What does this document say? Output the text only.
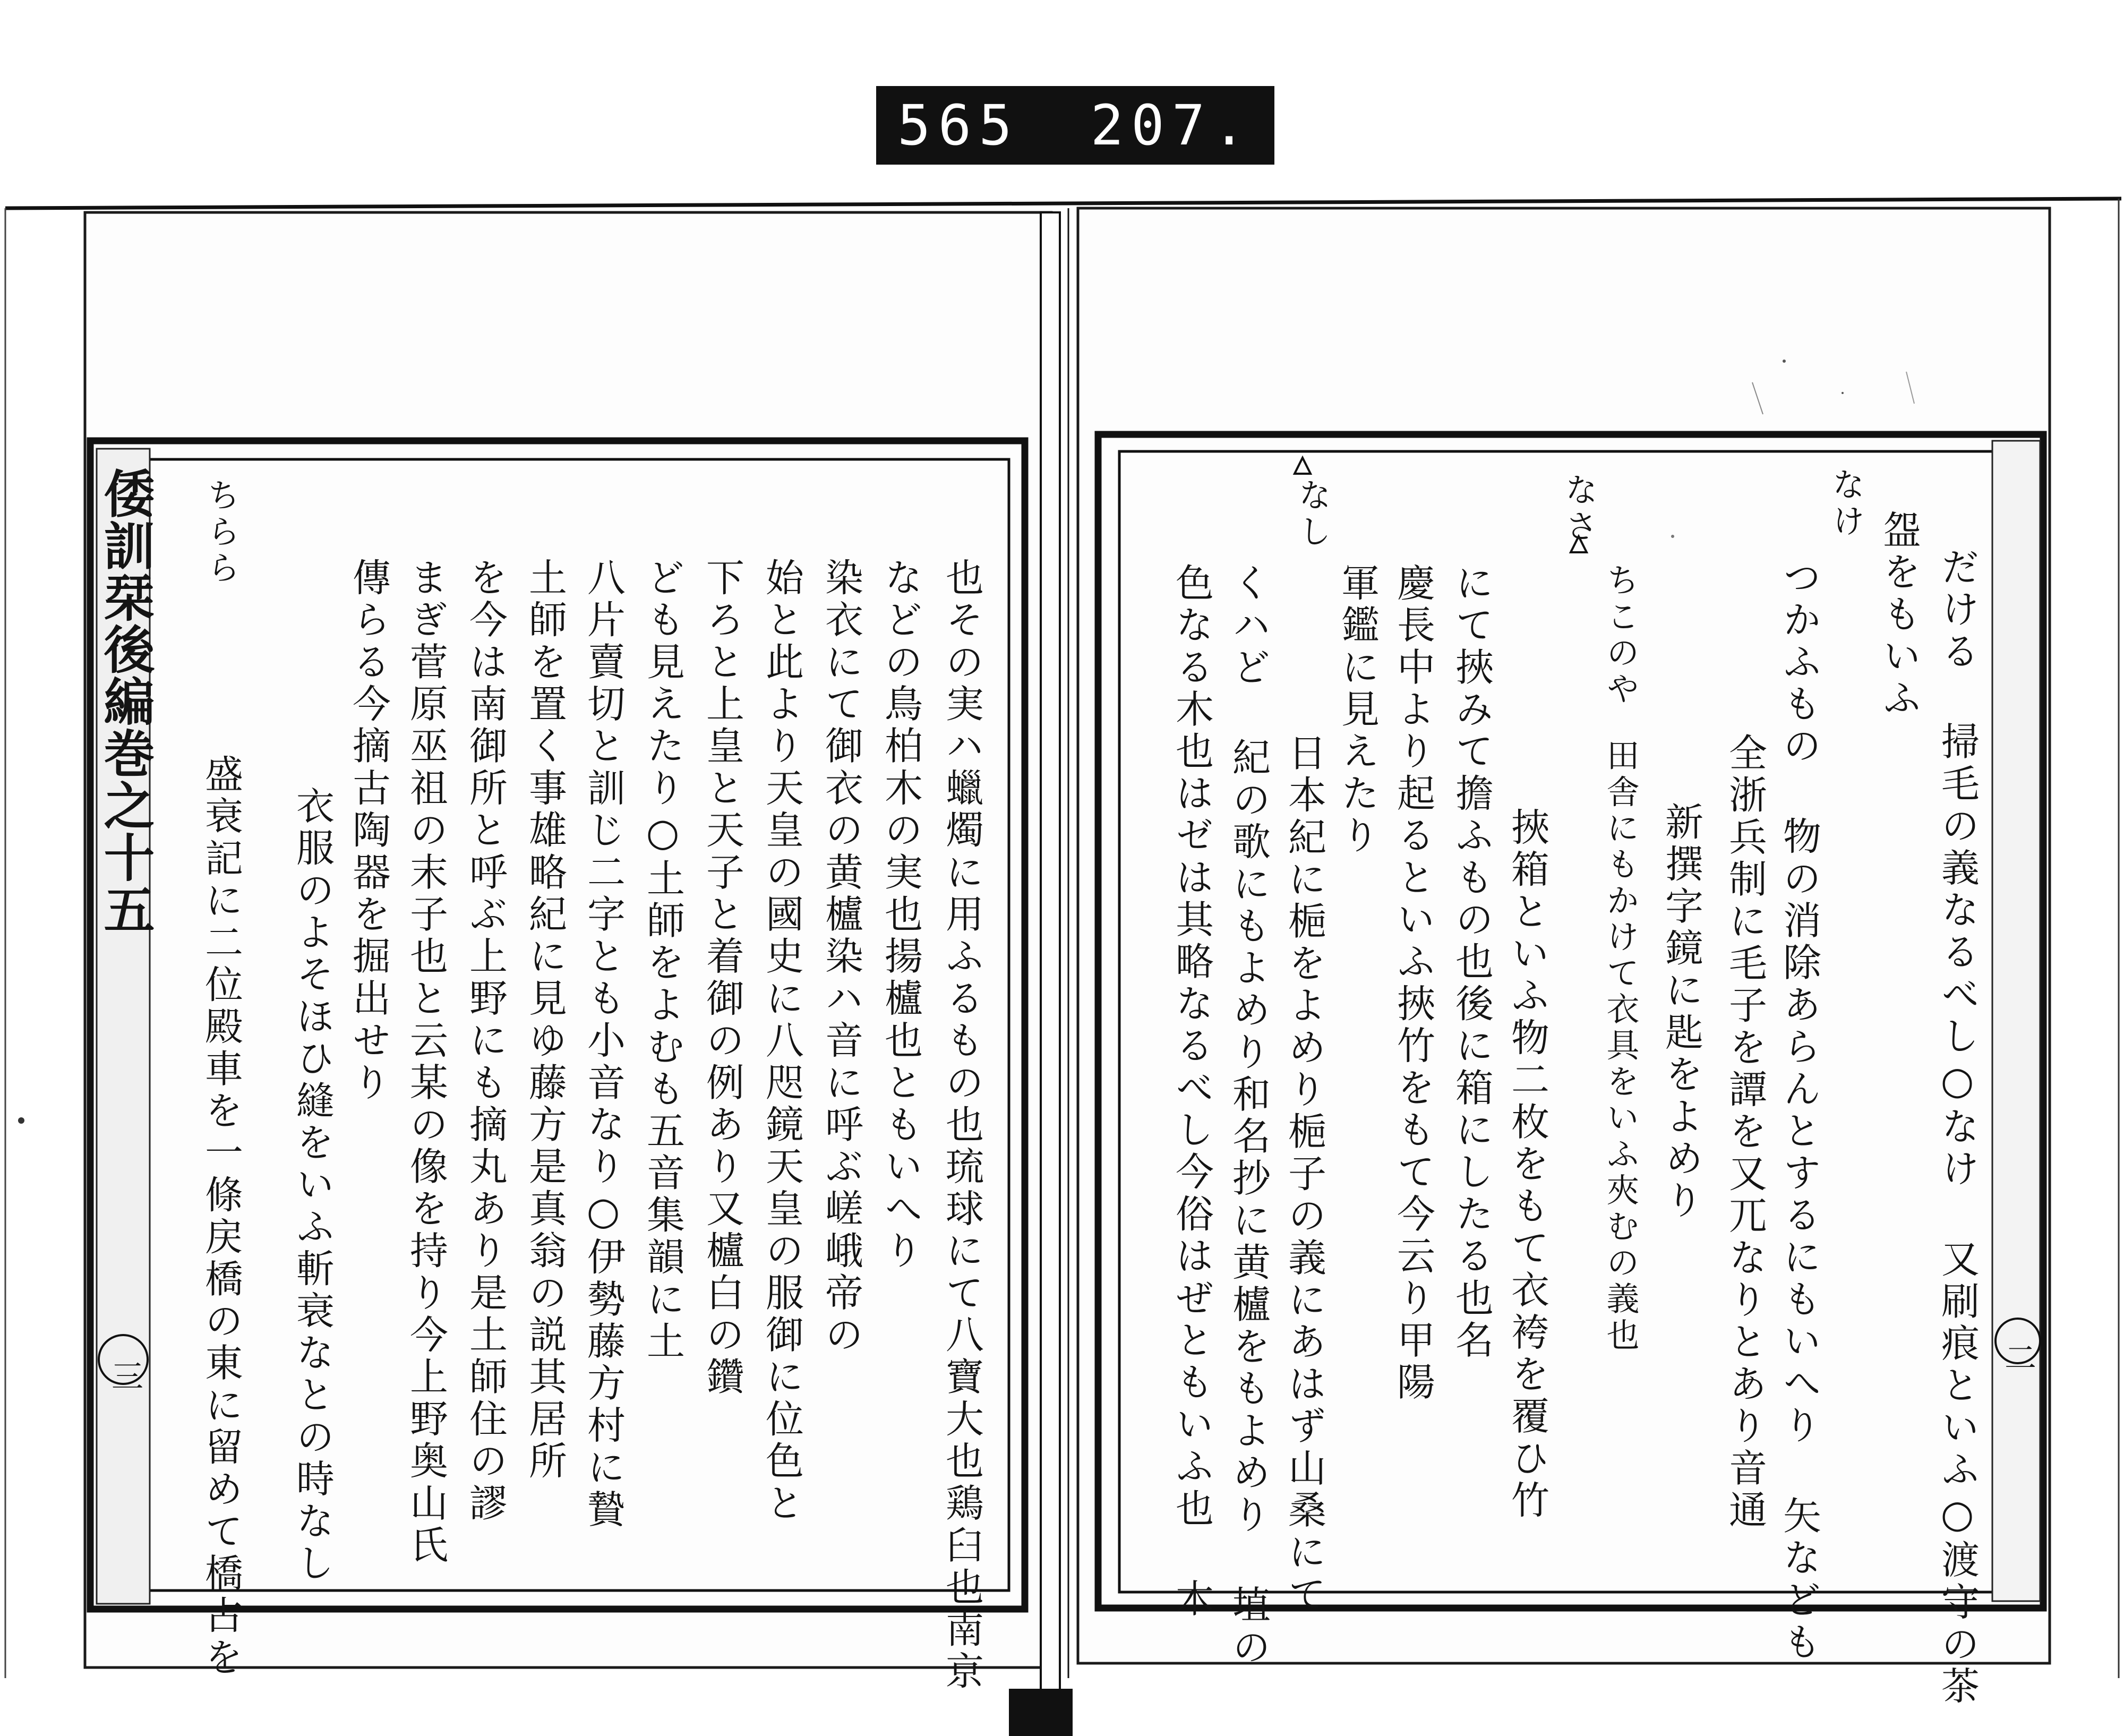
565 207.
倭訓栞後編巻之十五
三	也その実ハ蠟燭に用ふるもの也琉球にて八寶大也鶏臼也南京
などの鳥柏木の実也揚櫨也ともいへり
染衣にて御衣の黄櫨染ハ音に呼ぶ嵯峨帝の
始と此より天皇の國史に八咫鏡天皇の服御に位色と
下ろと上皇と天子と着御の例あり又櫨白の鑽
ども見えたり○土師をよむも五音集韻に土
八片賣切と訓じ二字とも小音なり○伊勢藤方村に贄
土師を置く事雄略紀に見ゆ藤方是真翁の説其居所
を今は南御所と呼ぶ上野にも摘丸あり是土師住の謬
まぎ菅原巫祖の末子也と云某の像を持り今上野奥山氏
傳らる今摘古陶器を掘出せり
衣服のよそほひ縫をいふ斬衰なとの時なし
盛衰記に二位殿車を一條戻橋の東に留めて橋占を
ちらら
二
だける 掃毛の義なるべし○なけ 又刷痕といふ○渡守の茶
盌をもいふ
なけ
つかふもの 物の消除あらんとするにもいへり 矢なども
全浙兵制に毛子を譚を又兀なりとあり音通
新撰字鏡に匙をよめり
ちこのや
田舎にもかけて衣具をいふ夾むの義也
なさ
挾箱といふ物二枚をもて衣袴を覆ひ竹
にて挾みて擔ふもの也後に箱にしたる也名
慶長中より起るといふ挾竹をもて今云り甲陽
軍鑑に見えたり
なし
日本紀に梔をよめり梔子の義にあはず山桑にて
くハど 紀の歌にもよめり和名抄に黄櫨をもよめり 埴の
色なる木也はゼは其略なるべし今俗はぜともいふ也 木
